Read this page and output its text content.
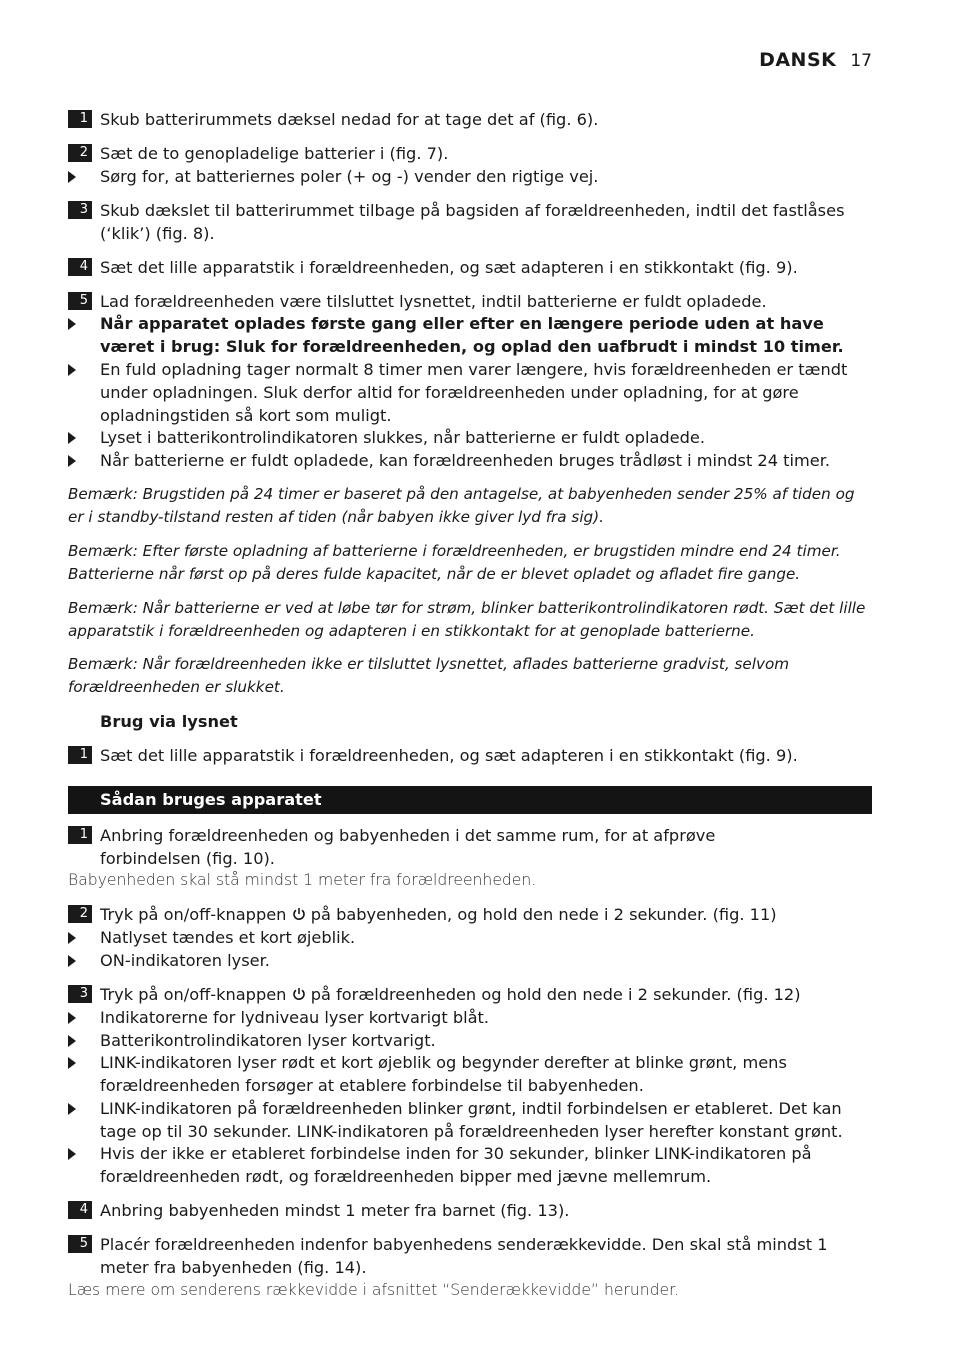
DANSK 17
1 Skub batterirummets dæksel nedad for at tage det af (fig. 6).
2 Sæt de to genopladelige batterier i (fig. 7).
Sørg for, at batteriernes poler (+ og -) vender den rigtige vej.
3 Skub dækslet til batterirummet tilbage på bagsiden af forældreenheden, indtil det fastlåses (‘klik’) (fig. 8).
4 Sæt det lille apparatstik i forældreenheden, og sæt adapteren i en stikkontakt (fig. 9).
5 Lad forældreenheden være tilsluttet lysnettet, indtil batterierne er fuldt opladede.
Når apparatet oplades første gang eller efter en længere periode uden at have været i brug: Sluk for forældreenheden, og oplad den uafbrudt i mindst 10 timer.
En fuld opladning tager normalt 8 timer men varer længere, hvis forældreenheden er tændt under opladningen. Sluk derfor altid for forældreenheden under opladning, for at gøre opladningstiden så kort som muligt.
Lyset i batterikontrolindikatoren slukkes, når batterierne er fuldt opladede.
Når batterierne er fuldt opladede, kan forældreenheden bruges trådløst i mindst 24 timer.
Bemærk: Brugstiden på 24 timer er baseret på den antagelse, at babyenheden sender 25% af tiden og er i standby-tilstand resten af tiden (når babyen ikke giver lyd fra sig).
Bemærk: Efter første opladning af batterierne i forældreenheden, er brugstiden mindre end 24 timer. Batterierne når først op på deres fulde kapacitet, når de er blevet opladet og afladet fire gange.
Bemærk: Når batterierne er ved at løbe tør for strøm, blinker batterikontrolindikatoren rødt. Sæt det lille apparatstik i forældreenheden og adapteren i en stikkontakt for at genoplade batterierne.
Bemærk: Når forældreenheden ikke er tilsluttet lysnettet, aflades batterierne gradvist, selvom forældreenheden er slukket.
Brug via lysnet
1 Sæt det lille apparatstik i forældreenheden, og sæt adapteren i en stikkontakt (fig. 9).
Sådan bruges apparatet
1 Anbring forældreenheden og babyenheden i det samme rum, for at afprøve forbindelsen (fig. 10).
Babyenheden skal stå mindst 1 meter fra forældreenheden.
2 Tryk på on/off-knappen  på babyenheden, og hold den nede i 2 sekunder. (fig. 11)
Natlyset tændes et kort øjeblik.
ON-indikatoren lyser.
3 Tryk på on/off-knappen  på forældreenheden og hold den nede i 2 sekunder. (fig. 12)
Indikatorerne for lydniveau lyser kortvarigt blåt.
Batterikontrolindikatoren lyser kortvarigt.
LINK-indikatoren lyser rødt et kort øjeblik og begynder derefter at blinke grønt, mens forældreenheden forsøger at etablere forbindelse til babyenheden.
LINK-indikatoren på forældreenheden blinker grønt, indtil forbindelsen er etableret. Det kan tage op til 30 sekunder. LINK-indikatoren på forældreenheden lyser herefter konstant grønt.
Hvis der ikke er etableret forbindelse inden for 30 sekunder, blinker LINK-indikatoren på forældreenheden rødt, og forældreenheden bipper med jævne mellemrum.
4 Anbring babyenheden mindst 1 meter fra barnet (fig. 13).
5 Placér forældreenheden indenfor babyenhedens senderækkevidde. Den skal stå mindst 1 meter fra babyenheden (fig. 14).
Læs mere om senderens rækkevidde i afsnittet “Senderækkevidde” herunder.
